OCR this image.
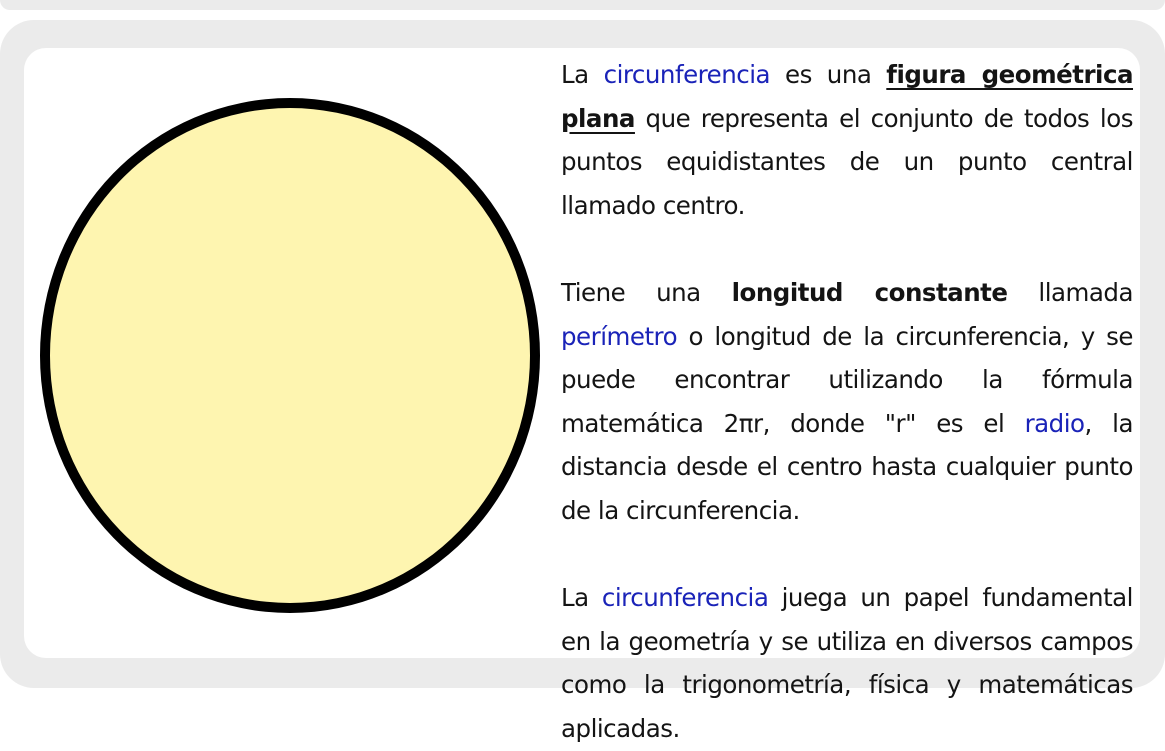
La circunferencia es una figura geométrica plana que representa el conjunto de todos los puntos equidistantes de un punto central llamado centro.

Tiene una longitud constante llamada perímetro o longitud de la circunferencia, y se puede encontrar utilizando la fórmula matemática 2πr, donde "r" es el radio, la distancia desde el centro hasta cualquier punto de la circunferencia.

La circunferencia juega un papel fundamental en la geometría y se utiliza en diversos campos como la trigonometría, física y matemáticas aplicadas.
